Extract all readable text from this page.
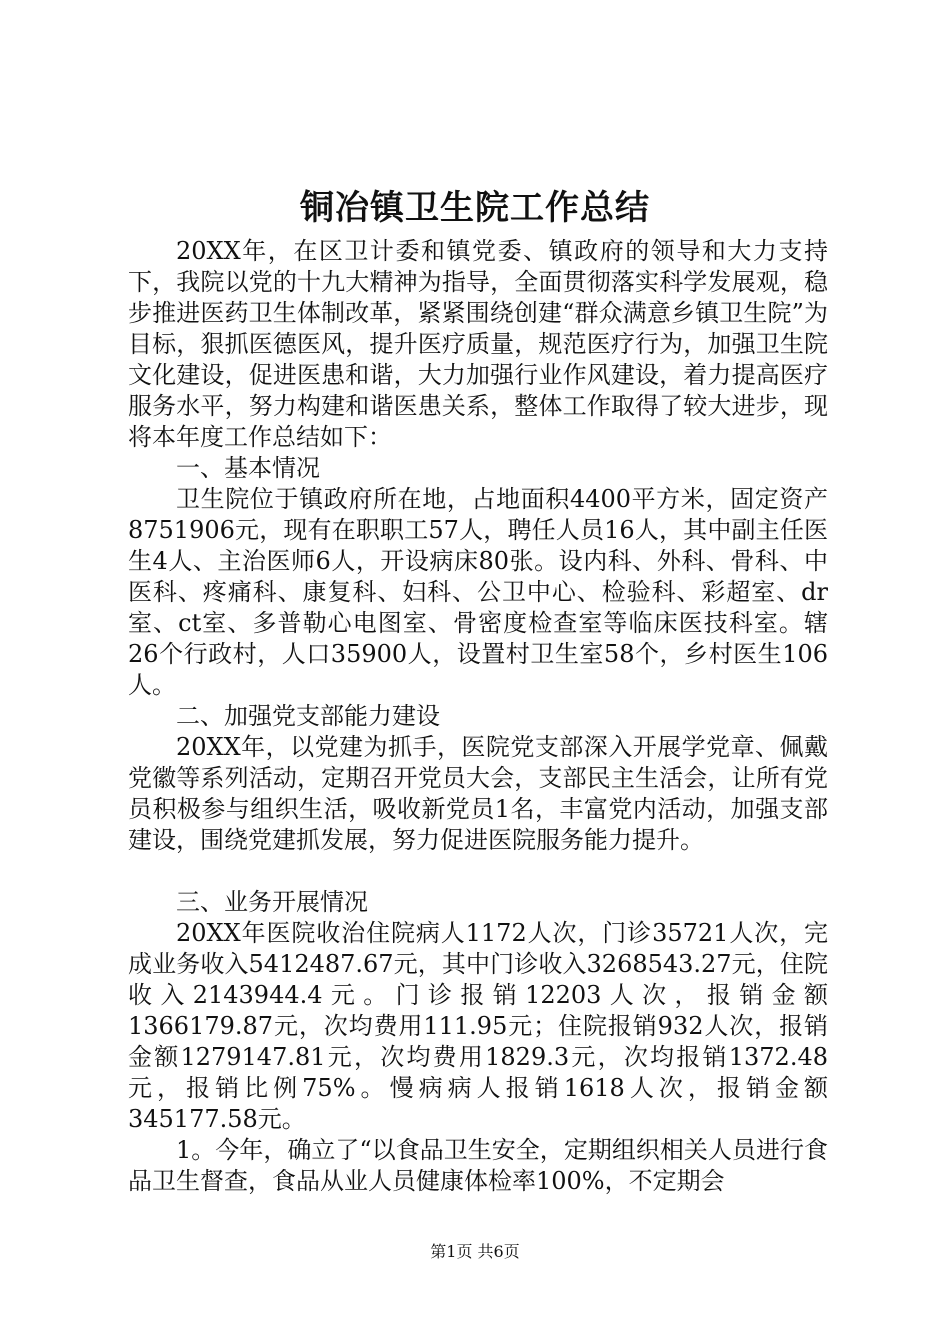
铜冶镇卫生院工作总结

20XX年，在区卫计委和镇党委、镇政府的领导和大力支持下，我院以党的十九大精神为指导，全面贯彻落实科学发展观，稳步推进医药卫生体制改革，紧紧围绕创建“群众满意乡镇卫生院”为目标，狠抓医德医风，提升医疗质量，规范医疗行为，加强卫生院文化建设，促进医患和谐，大力加强行业作风建设，着力提高医疗服务水平，努力构建和谐医患关系，整体工作取得了较大进步，现将本年度工作总结如下：

一、基本情况

卫生院位于镇政府所在地，占地面积4400平方米，固定资产8751906元，现有在职职工57人，聘任人员16人，其中副主任医生4人、主治医师6人，开设病床80张。设内科、外科、骨科、中医科、疼痛科、康复科、妇科、公卫中心、检验科、彩超室、dr室、ct室、多普勒心电图室、骨密度检查室等临床医技科室。辖26个行政村，人口35900人，设置村卫生室58个，乡村医生106人。

二、加强党支部能力建设

20XX年，以党建为抓手，医院党支部深入开展学党章、佩戴党徽等系列活动，定期召开党员大会，支部民主生活会，让所有党员积极参与组织生活，吸收新党员1名，丰富党内活动，加强支部建设，围绕党建抓发展，努力促进医院服务能力提升。

三、业务开展情况

20XX年医院收治住院病人1172人次，门诊35721人次，完成业务收入5412487.67元，其中门诊收入3268543.27元，住院收入2143944.4元。门诊报销12203人次，报销金额1366179.87元，次均费用111.95元；住院报销932人次，报销金额1279147.81元，次均费用1829.3元，次均报销1372.48元，报销比例75%。慢病病人报销1618人次，报销金额345177.58元。

1。今年，确立了“以食品卫生安全，定期组织相关人员进行食品卫生督查，食品从业人员健康体检率100%，不定期会

第1页 共6页
